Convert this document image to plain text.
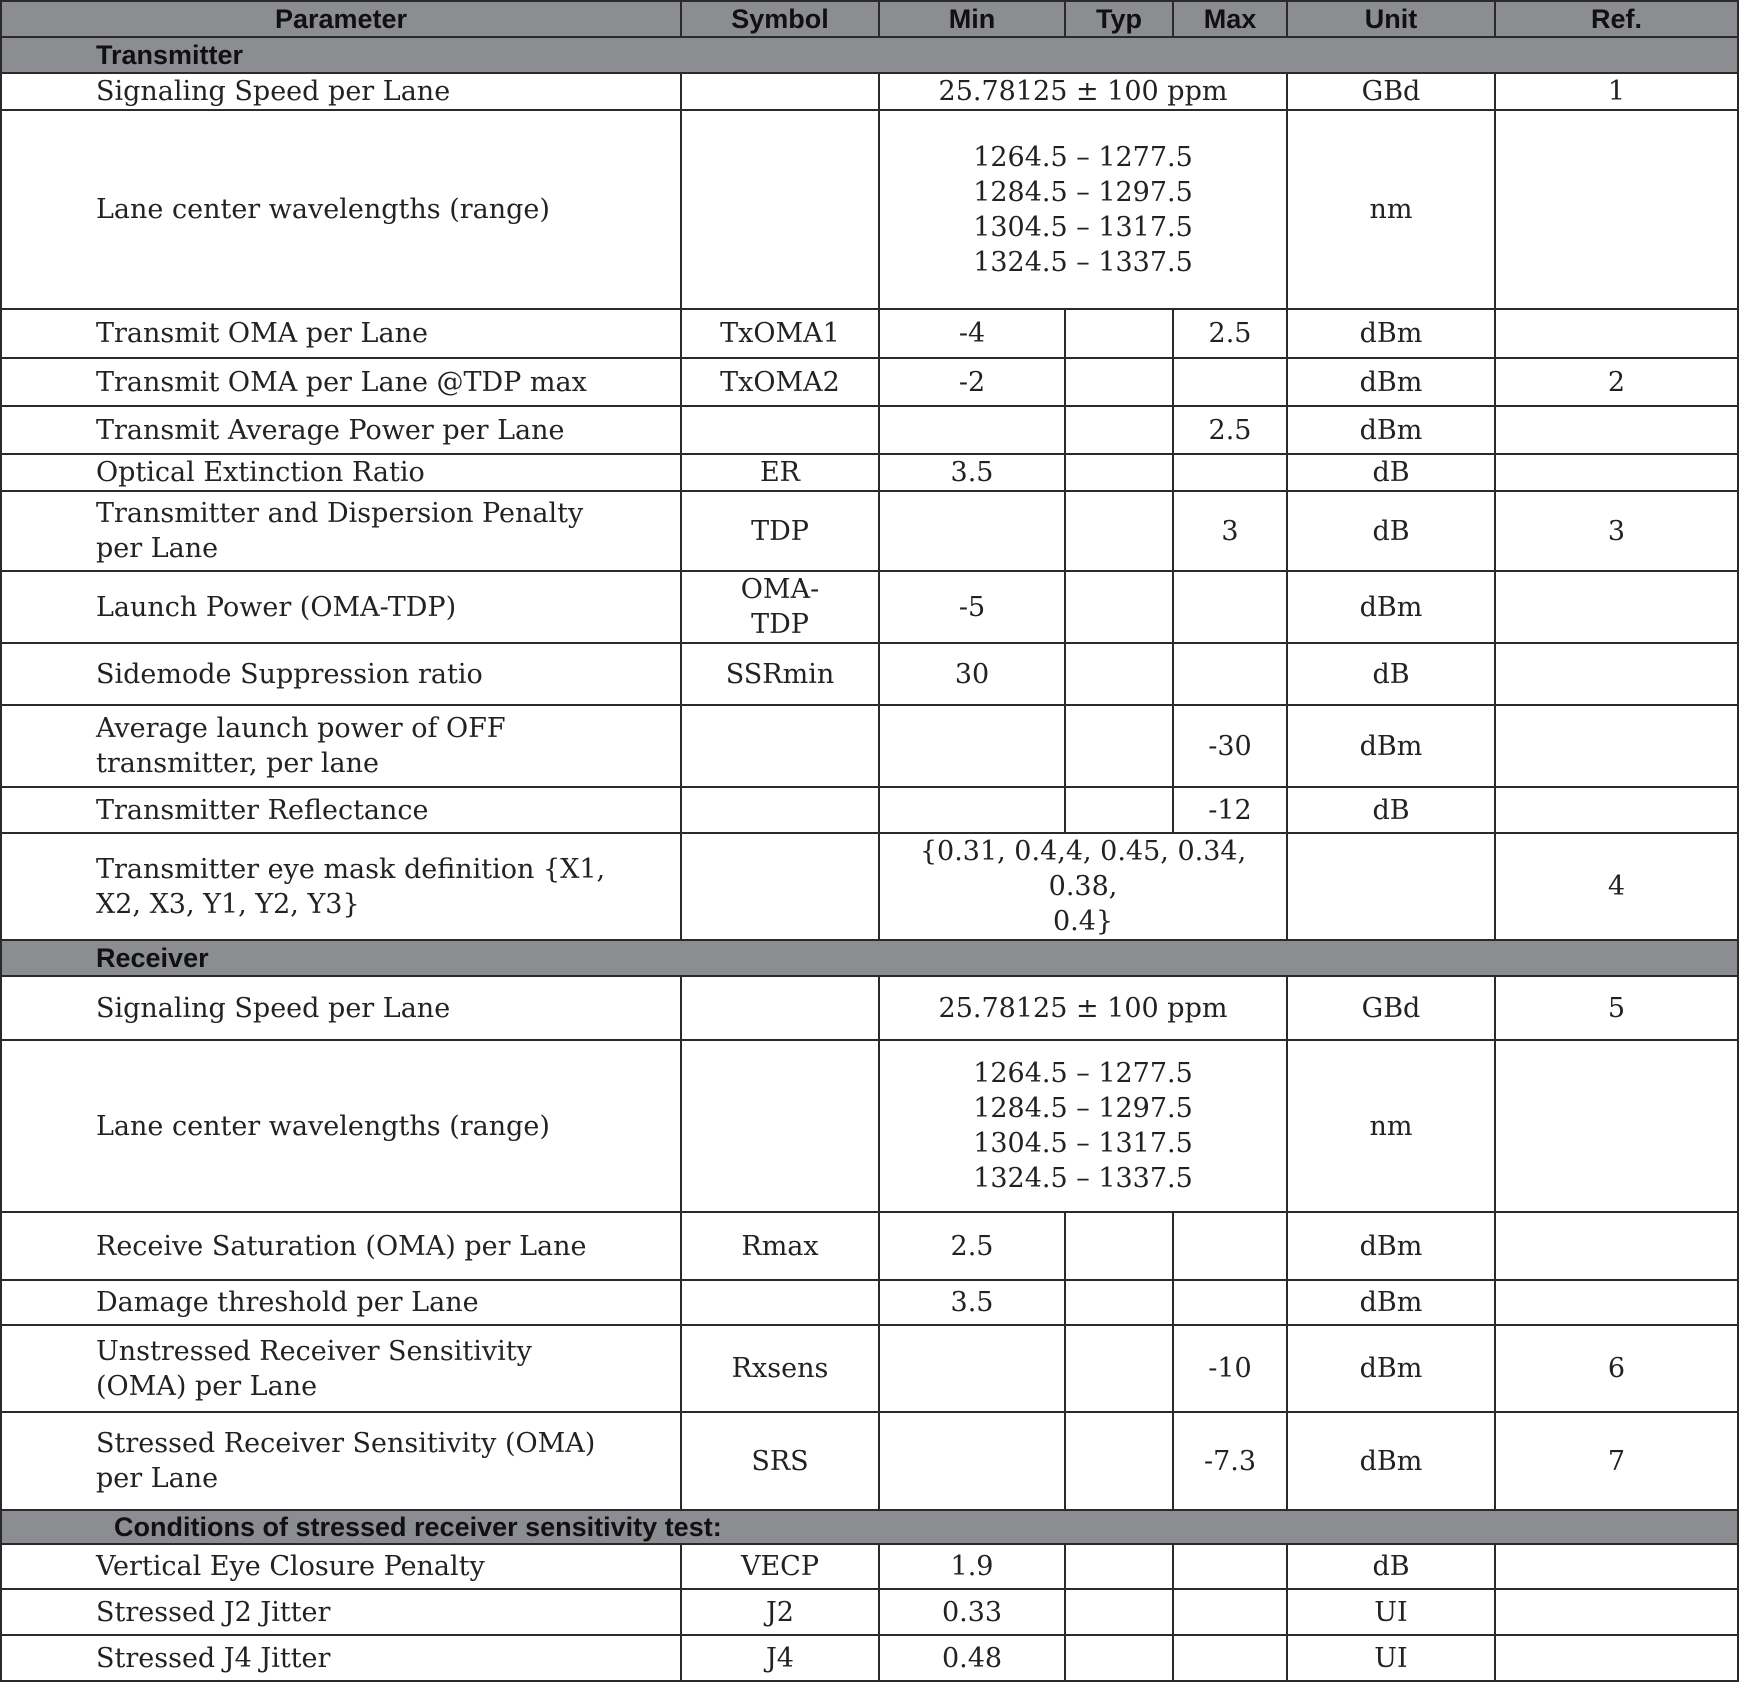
Parameter	Symbol	Min	Typ	Max	Unit	Ref.
Transmitter						
Signaling Speed per Lane		25.78125 ± 100 ppm			GBd	1
Lane center wavelengths (range)		1264.5 – 1277.5
1284.5 – 1297.5
1304.5 – 1317.5
1324.5 – 1337.5			nm	
Transmit OMA per Lane	TxOMA1	-4		2.5	dBm	
Transmit OMA per Lane @TDP max	TxOMA2	-2			dBm	2
Transmit Average Power per Lane				2.5	dBm	
Optical Extinction Ratio	ER	3.5			dB	

Transmitter and Dispersion Penalty
per Lane	TDP			3	dB	3
Launch Power (OMA-TDP)	OMA-
TDP	-5			dBm	
Sidemode Suppression ratio	SSRmin	30			dB	

Average launch power of OFF
transmitter, per lane				-30	dBm	
Transmitter Reflectance				-12	dB	

Transmitter eye mask definition {X1,
X2, X3, Y1, Y2, Y3}		{0.31, 0.4,4, 0.45, 0.34, 0.38,
0.4}				4
Receiver						
Signaling Speed per Lane		25.78125 ± 100 ppm			GBd	5
Lane center wavelengths (range)		1264.5 – 1277.5
1284.5 – 1297.5
1304.5 – 1317.5
1324.5 – 1337.5			nm	
Receive Saturation (OMA) per Lane	Rmax	2.5			dBm	
Damage threshold per Lane		3.5			dBm	

Unstressed Receiver Sensitivity
(OMA) per Lane	Rxsens			-10	dBm	6

Stressed Receiver Sensitivity (OMA)
per Lane	SRS			-7.3	dBm	7
Conditions of stressed receiver sensitivity test:						
Vertical Eye Closure Penalty	VECP	1.9			dB	
Stressed J2 Jitter	J2	0.33			UI	
Stressed J4 Jitter	J4	0.48			UI	
